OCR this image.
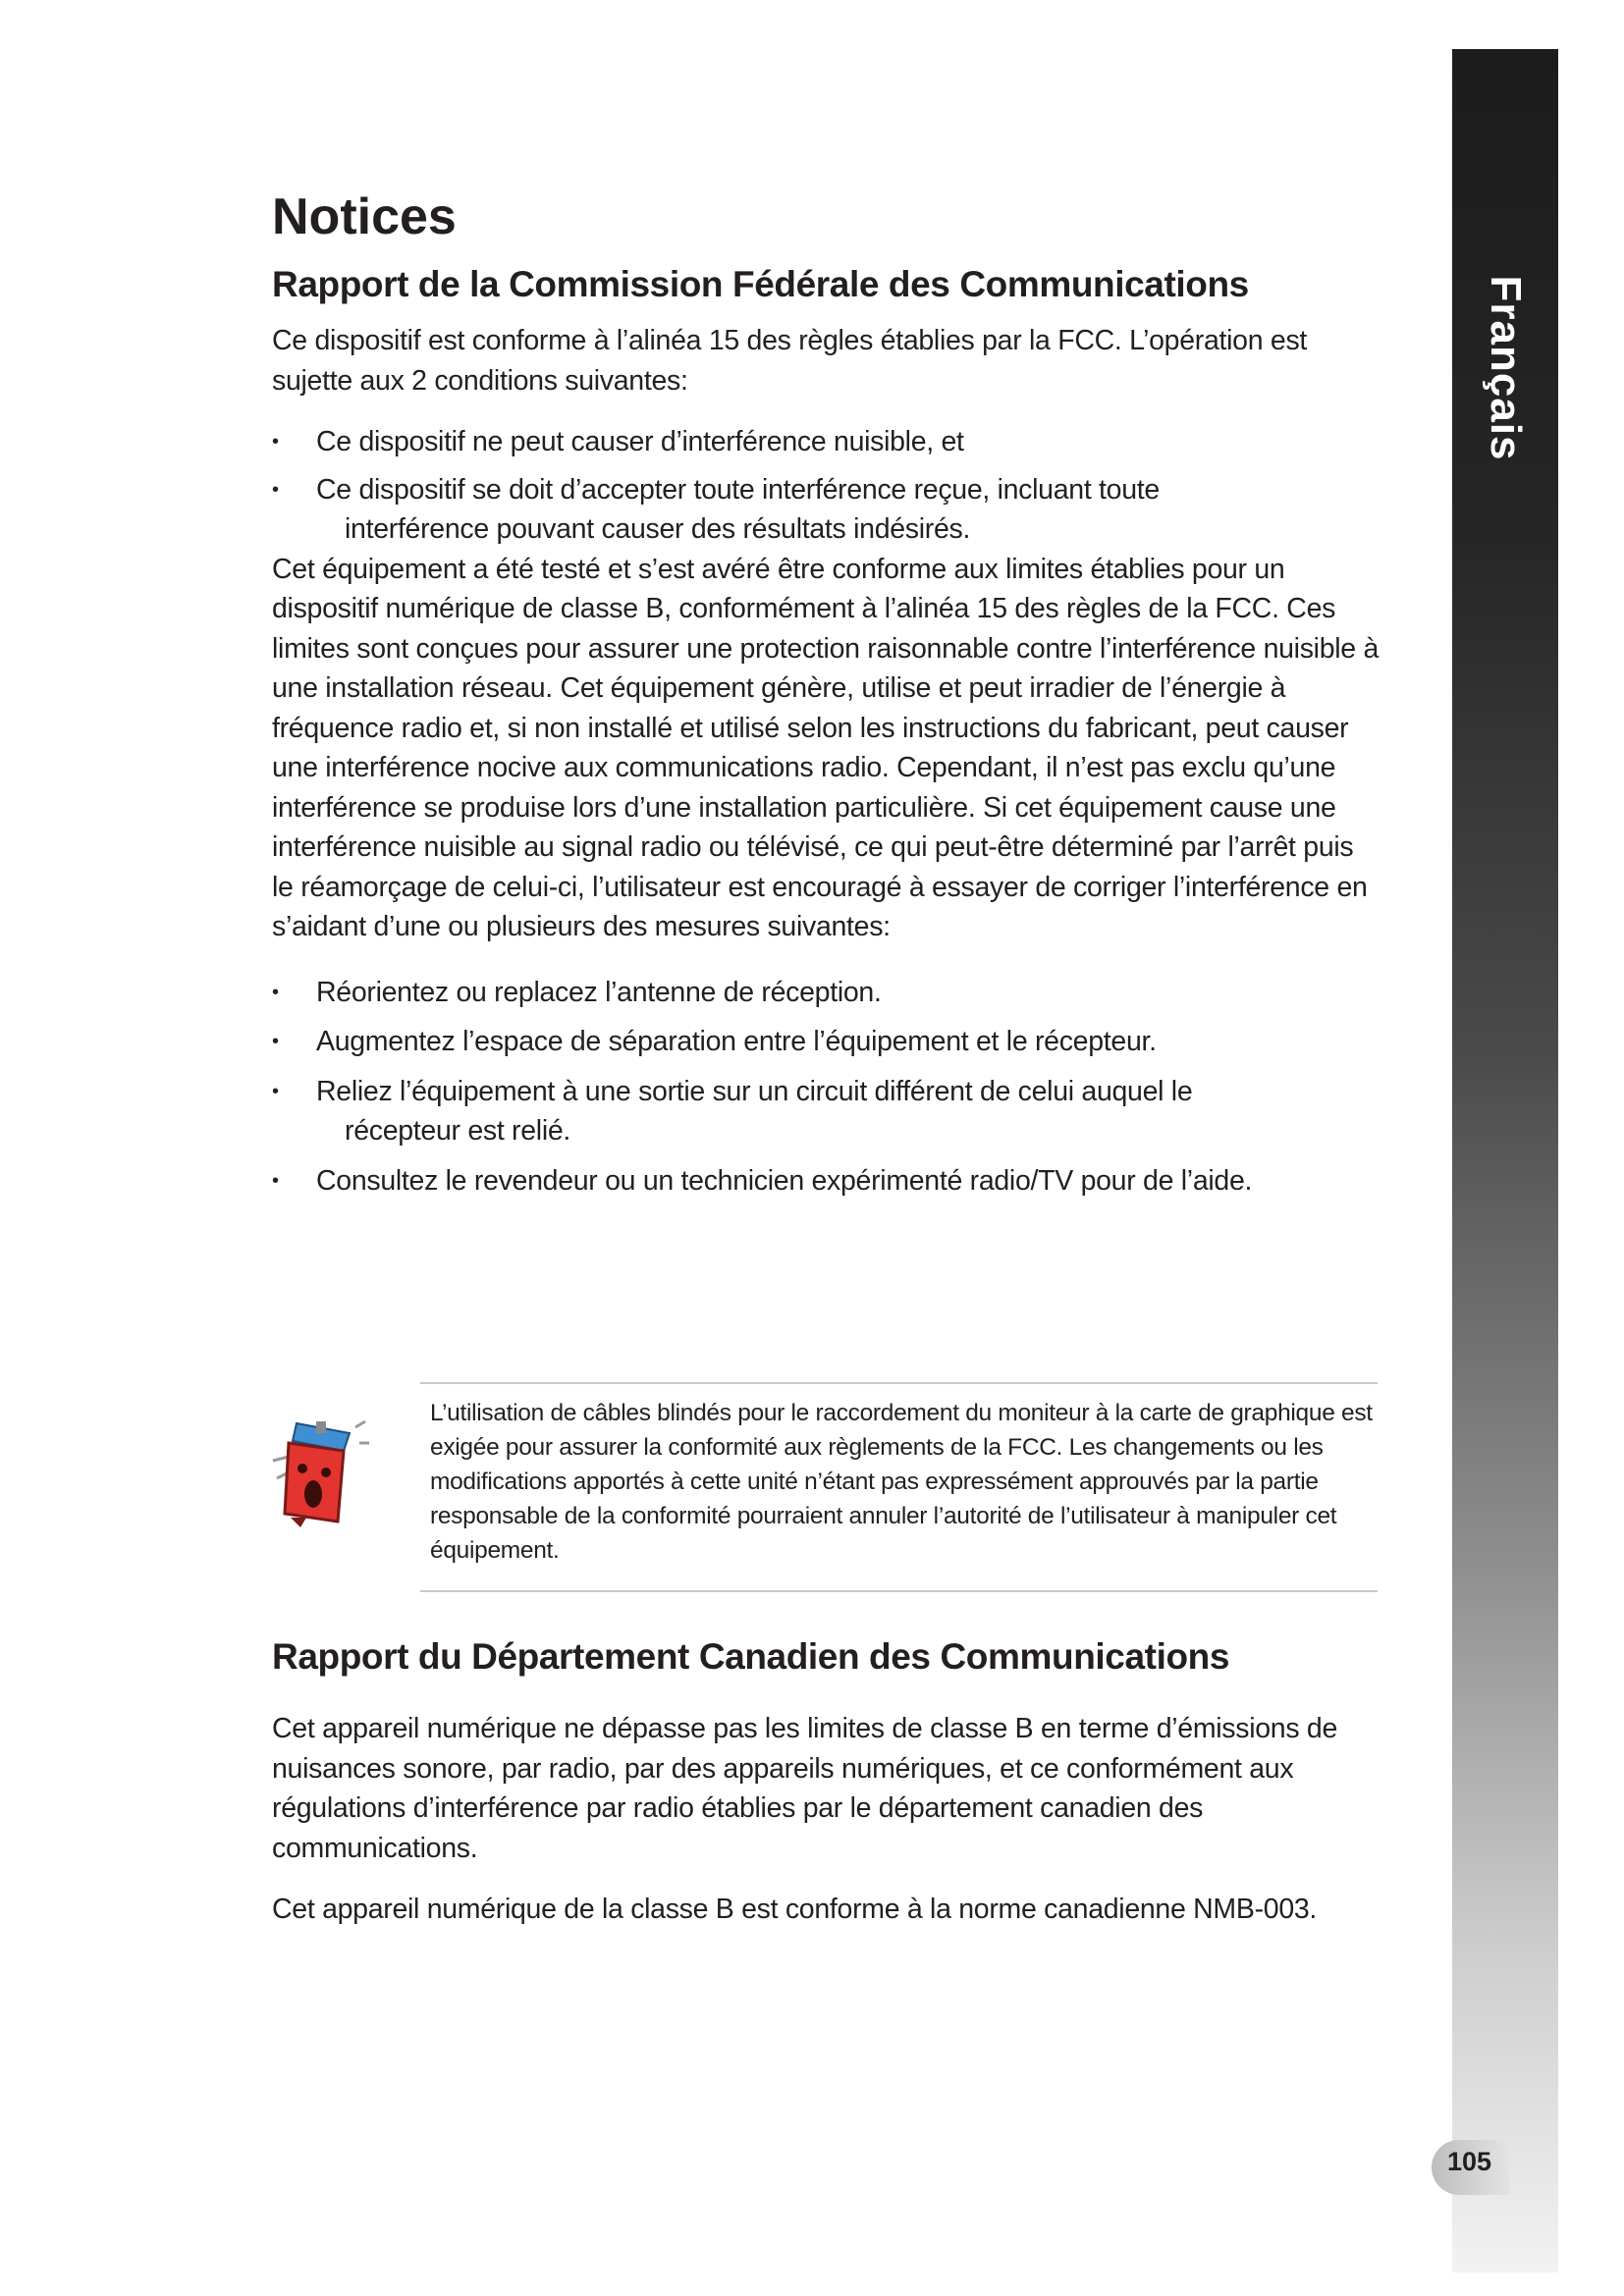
Français
105
Notices
Rapport de la Commission Fédérale des Communications

Ce dispositif est conforme à l’alinéa 15 des règles établies par la FCC. L’opération est sujette aux 2 conditions suivantes:

• Ce dispositif ne peut causer d’interférence nuisible, et
• Ce dispositif se doit d’accepter toute interférence reçue, incluant toute
interférence pouvant causer des résultats indésirés.

Cet équipement a été testé et s’est avéré être conforme aux limites établies pour un dispositif numérique de classe B, conformément à l’alinéa 15 des règles de la FCC. Ces limites sont conçues pour assurer une protection raisonnable contre l’interférence nuisible à une installation réseau. Cet équipement génère, utilise et peut irradier de l’énergie à fréquence radio et, si non installé et utilisé selon les instructions du fabricant, peut causer une interférence nocive aux communications radio. Cependant, il n’est pas exclu qu’une interférence se produise lors d’une installation particulière. Si cet équipement cause une interférence nuisible au signal radio ou télévisé, ce qui peut-être déterminé par l’arrêt puis le réamorçage de celui-ci, l’utilisateur est encouragé à essayer de corriger l’interférence en s’aidant d’une ou plusieurs des mesures suivantes:

• Réorientez ou replacez l’antenne de réception.
• Augmentez l’espace de séparation entre l’équipement et le récepteur.
• Reliez l’équipement à une sortie sur un circuit différent de celui auquel le
récepteur est relié.
• Consultez le revendeur ou un technicien expérimenté radio/TV pour de l’aide.
L’utilisation de câbles blindés pour le raccordement du moniteur à la carte de graphique est exigée pour assurer la conformité aux règlements de la FCC. Les changements ou les modifications apportés à cette unité n’étant pas expressément approuvés par la partie responsable de la conformité pourraient annuler l’autorité de l’utilisateur à manipuler cet équipement.
Rapport du Département Canadien des Communications

Cet appareil numérique ne dépasse pas les limites de classe B en terme d’émissions de nuisances sonore, par radio, par des appareils numériques, et ce conformément aux régulations d’interférence par radio établies par le département canadien des communications.

Cet appareil numérique de la classe B est conforme à la norme canadienne NMB-003.
